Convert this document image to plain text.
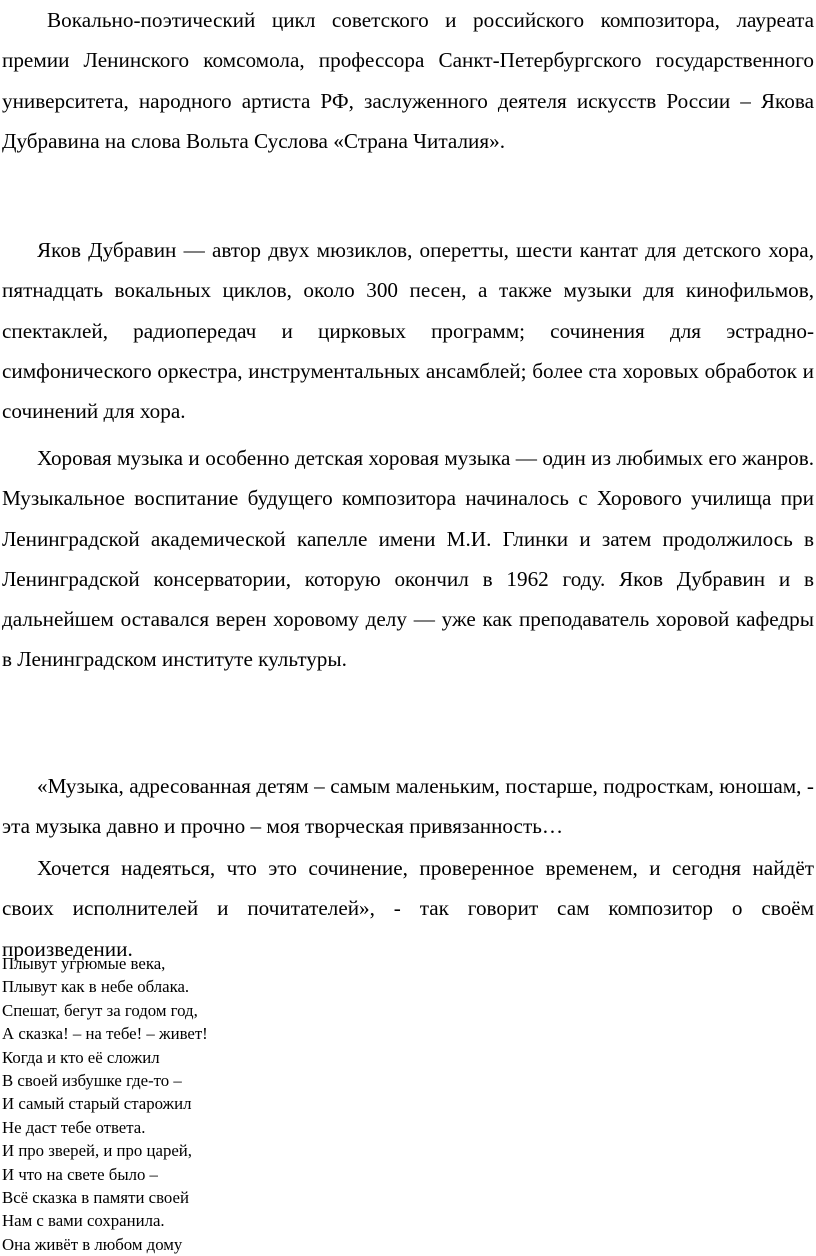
Вокально-поэтический цикл советского и российского композитора, лауреата премии Ленинского комсомола, профессора Санкт-Петербургского государственного университета, народного артиста РФ, заслуженного деятеля искусств России – Якова Дубравина на слова Вольта Суслова «Страна Читалия».

Яков Дубравин — автор двух мюзиклов, оперетты, шести кантат для детского хора, пятнадцать вокальных циклов, около 300 песен, а также музыки для кинофильмов, спектаклей, радиопередач и цирковых программ; сочинения для эстрадно-симфонического оркестра, инструментальных ансамблей; более ста хоровых обработок и сочинений для хора.

Хоровая музыка и особенно детская хоровая музыка — один из любимых его жанров. Музыкальное воспитание будущего композитора начиналось с Хорового училища при Ленинградской академической капелле имени М.И. Глинки и затем продолжилось в Ленинградской консерватории, которую окончил в 1962 году. Яков Дубравин и в дальнейшем оставался верен хоровому делу — уже как преподаватель хоровой кафедры в Ленинградском институте культуры.

«Музыка, адресованная детям – самым маленьким, постарше, подросткам, юношам, - эта музыка давно и прочно – моя творческая привязанность…

Хочется надеяться, что это сочинение, проверенное временем, и сегодня найдёт своих исполнителей и почитателей», - так говорит сам композитор о своём произведении.

Плывут угрюмые века,
Плывут как в небе облака.
Спешат, бегут за годом год,
А сказка! – на тебе! – живет!
Когда и кто её сложил
В своей избушке где-то –
И самый старый старожил
Не даст тебе ответа.
И про зверей, и про царей,
И что на свете было –
Всё сказка в памяти своей
Нам с вами сохранила.
Она живёт в любом дому
